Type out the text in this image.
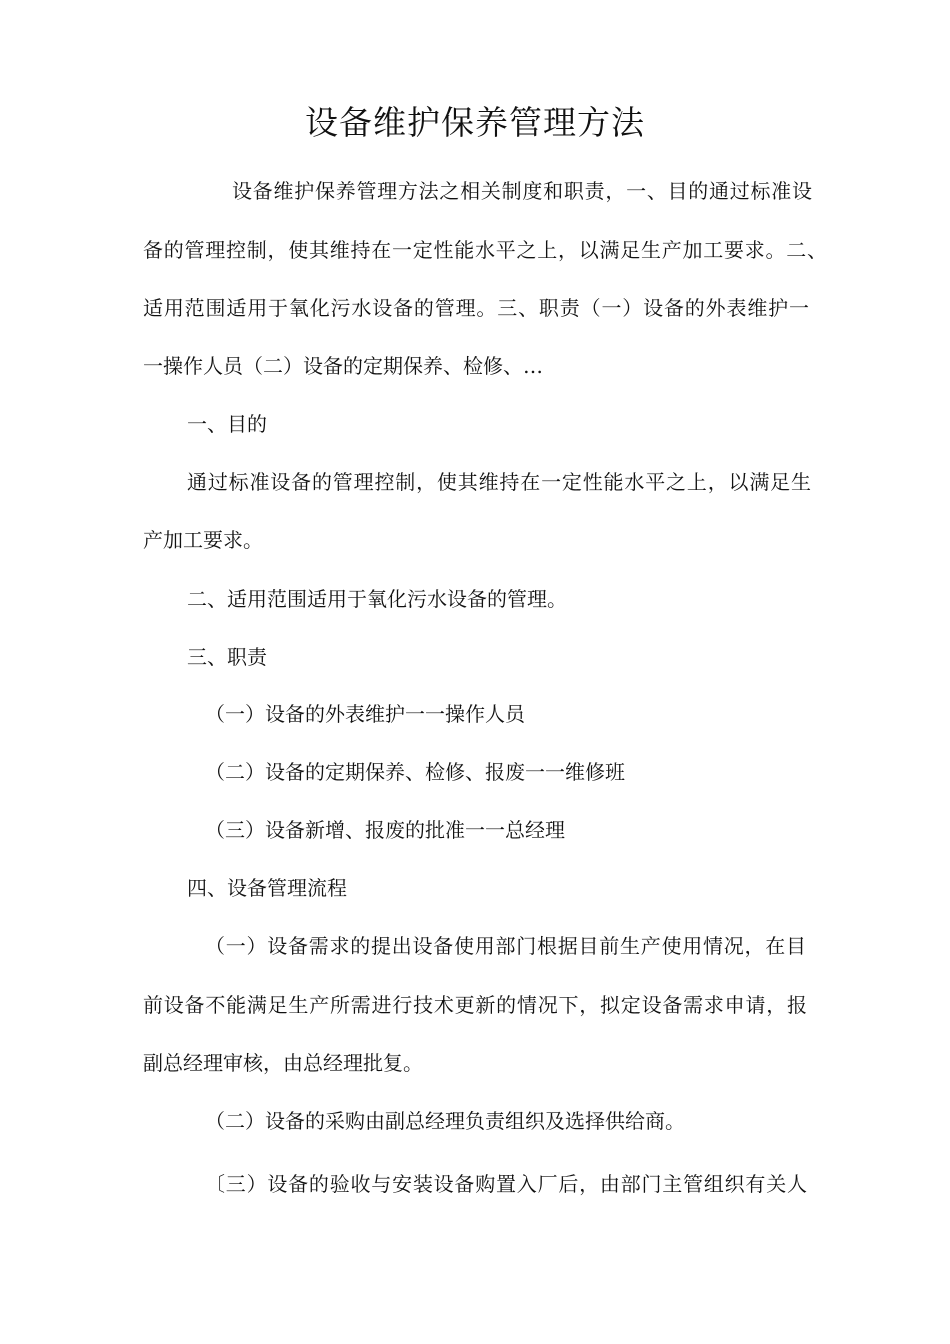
设备维护保养管理方法
设备维护保养管理方法之相关制度和职责，一、目的通过标准设
备的管理控制，使其维持在一定性能水平之上，以满足生产加工要求。二、
适用范围适用于氧化污水设备的管理。三、职责（一）设备的外表维护一
一操作人员（二）设备的定期保养、检修、…
一、目的
通过标准设备的管理控制，使其维持在一定性能水平之上，以满足生
产加工要求。
二、适用范围适用于氧化污水设备的管理。
三、职责
（一）设备的外表维护一一操作人员
（二）设备的定期保养、检修、报废一一维修班
（三）设备新增、报废的批准一一总经理
四、设备管理流程
（一）设备需求的提出设备使用部门根据目前生产使用情况，在目
前设备不能满足生产所需进行技术更新的情况下，拟定设备需求申请，报
副总经理审核，由总经理批复。
（二）设备的采购由副总经理负责组织及选择供给商。
〔三）设备的验收与安装设备购置入厂后，由部门主管组织有关人
